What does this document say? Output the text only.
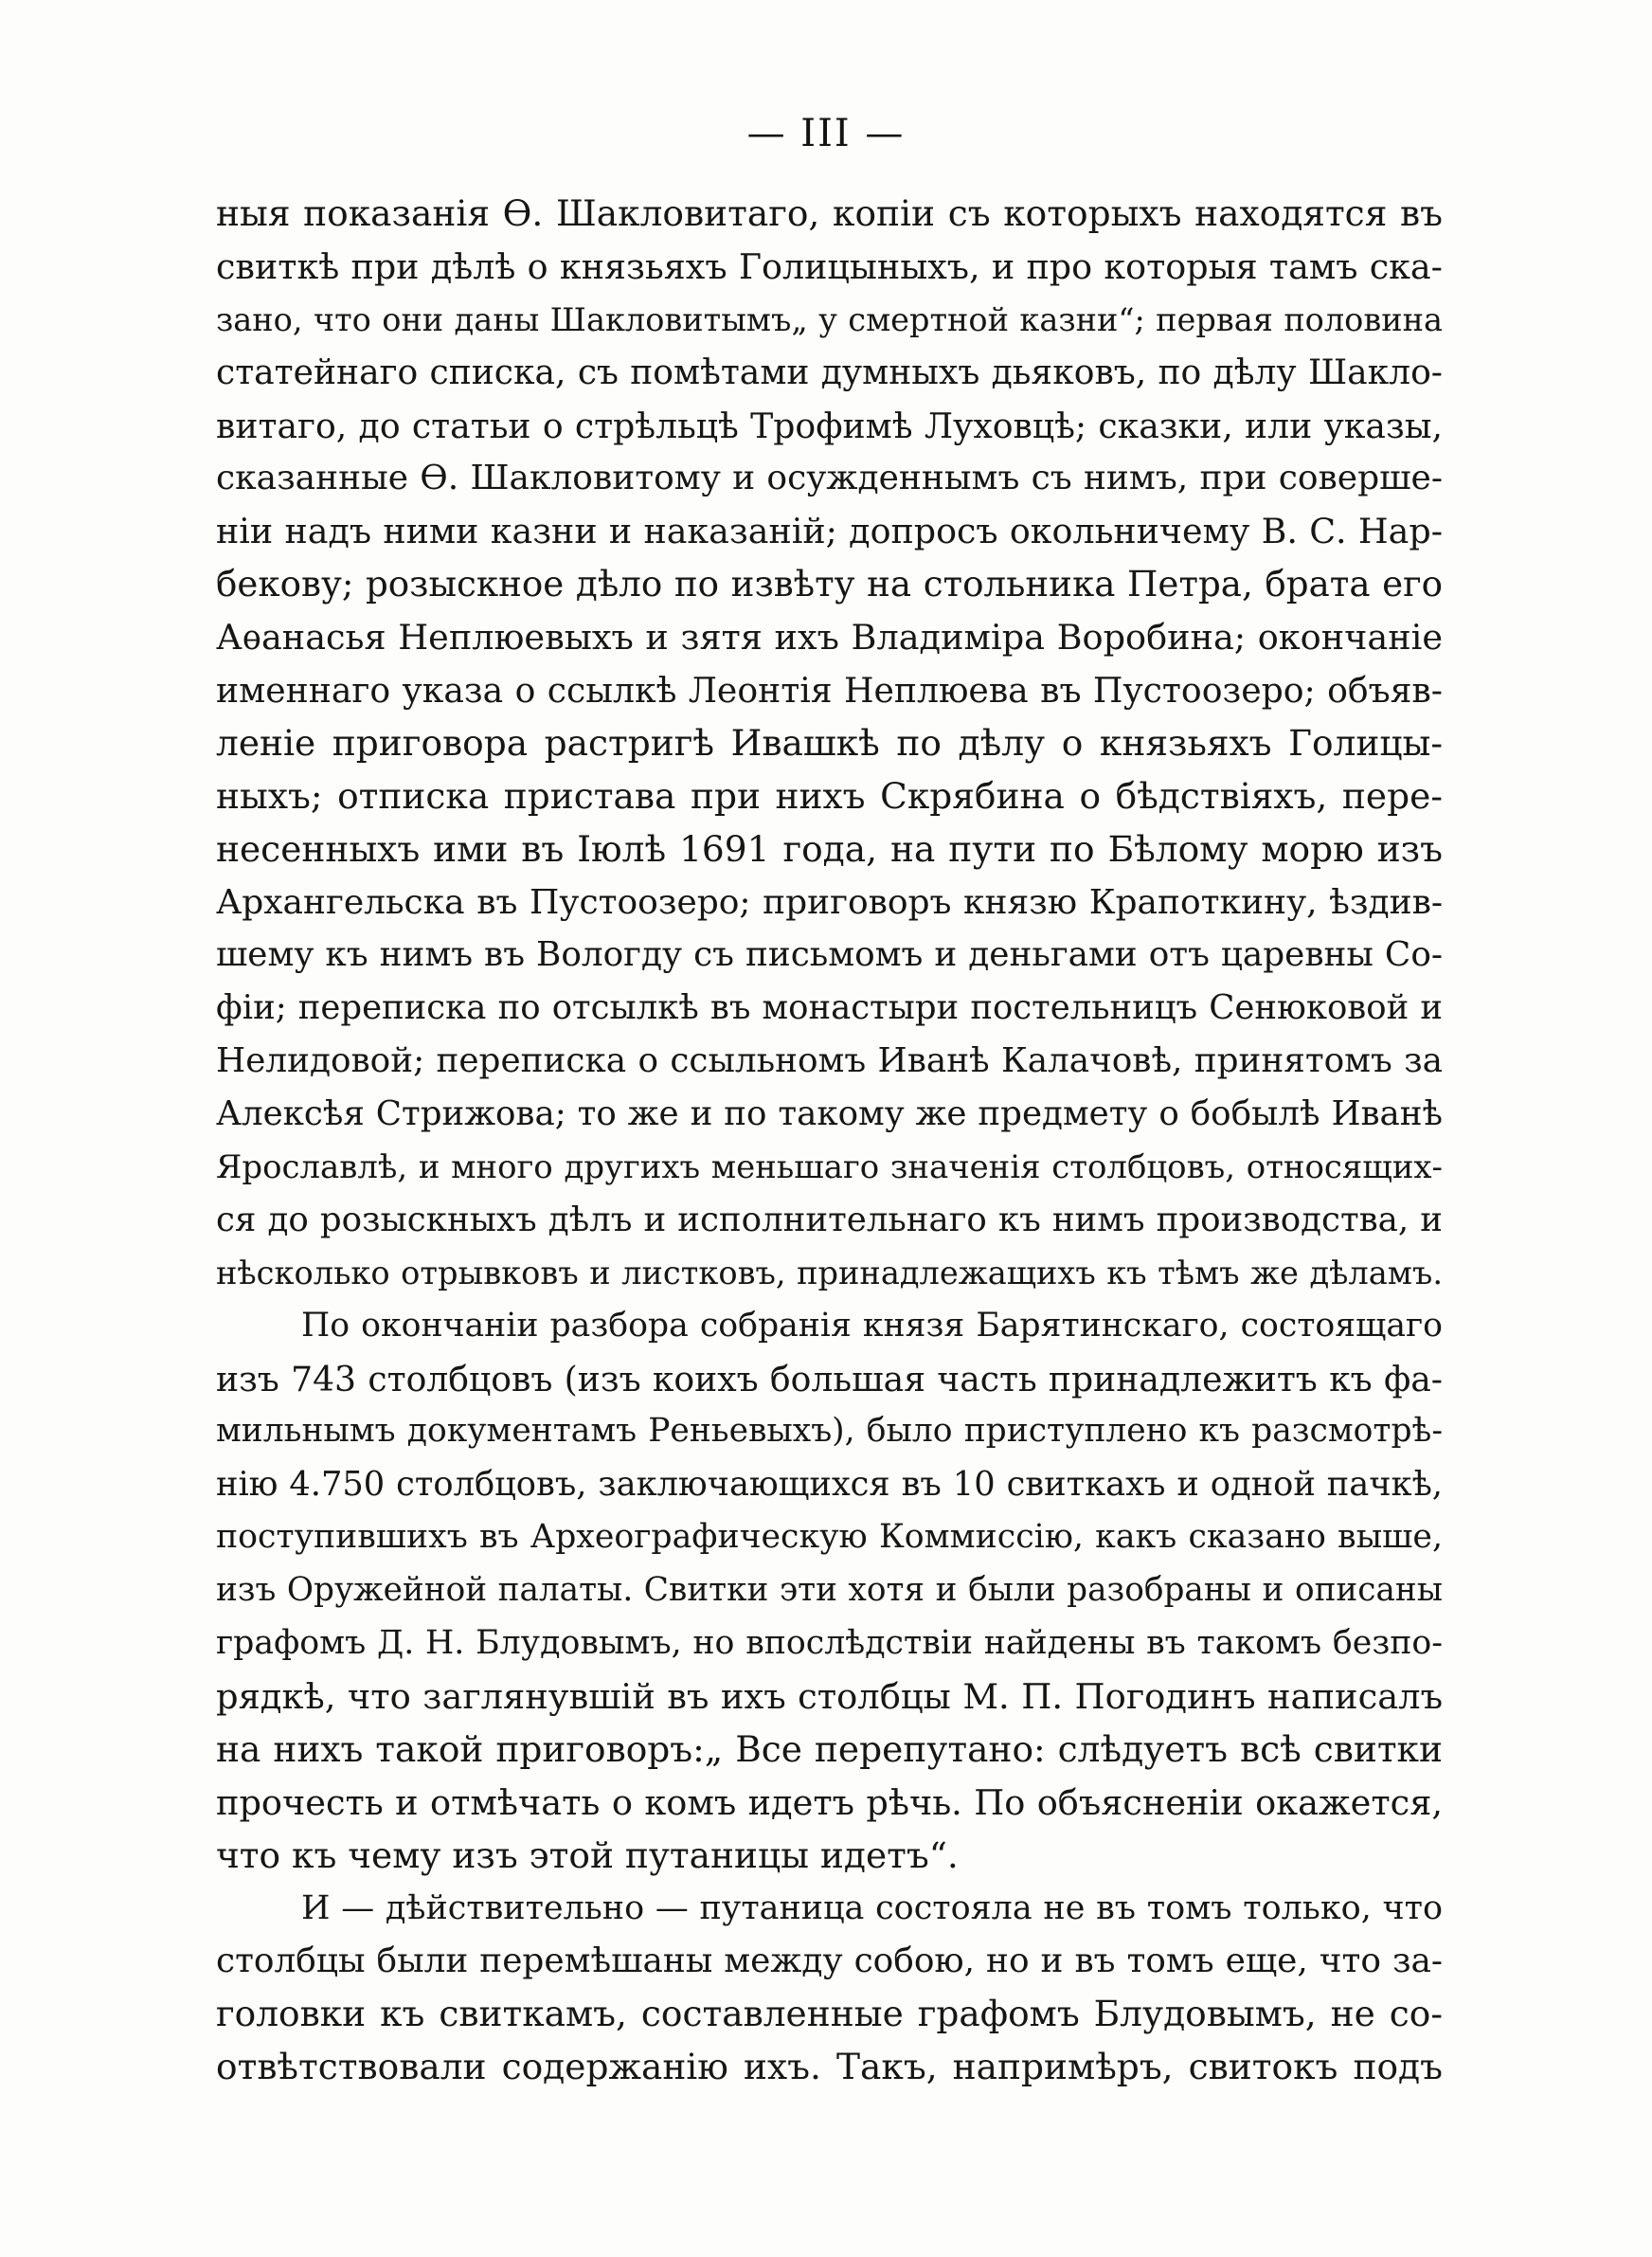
— III —
ныя показанія Ѳ. Шакловитаго, копіи съ которыхъ находятся въ
свиткѣ при дѣлѣ о князьяхъ Голицыныхъ, и про которыя тамъ ска-
зано, что они даны Шакловитымъ„ у смертной казни“; первая половина
статейнаго списка, съ помѣтами думныхъ дьяковъ, по дѣлу Шакло-
витаго, до статьи о стрѣльцѣ Трофимѣ Луховцѣ; сказки, или указы,
сказанные Ѳ. Шакловитому и осужденнымъ съ нимъ, при соверше-
ніи надъ ними казни и наказаній; допросъ окольничему В. С. Нар-
бекову; розыскное дѣло по извѣту на стольника Петра, брата его
Аѳанасья Неплюевыхъ и зятя ихъ Владиміра Воробина; окончаніе
именнаго указа о ссылкѣ Леонтія Неплюева въ Пустоозеро; объяв-
леніе приговора растригѣ Ивашкѣ по дѣлу о князьяхъ Голицы-
ныхъ; отписка пристава при нихъ Скрябина о бѣдствіяхъ, пере-
несенныхъ ими въ Іюлѣ 1691 года, на пути по Бѣлому морю изъ
Архангельска въ Пустоозеро; приговоръ князю Крапоткину, ѣздив-
шему къ нимъ въ Вологду съ письмомъ и деньгами отъ царевны Со-
фіи; переписка по отсылкѣ въ монастыри постельницъ Сенюковой и
Нелидовой; переписка о ссыльномъ Иванѣ Калачовѣ, принятомъ за
Алексѣя Стрижова; то же и по такому же предмету о бобылѣ Иванѣ
Ярославлѣ, и много другихъ меньшаго значенія столбцовъ, относящих-
ся до розыскныхъ дѣлъ и исполнительнаго къ нимъ производства, и
нѣсколько отрывковъ и листковъ, принадлежащихъ къ тѣмъ же дѣламъ.
По окончаніи разбора собранія князя Барятинскаго, состоящаго
изъ 743 столбцовъ (изъ коихъ большая часть принадлежитъ къ фа-
мильнымъ документамъ Реньевыхъ), было приступлено къ разсмотрѣ-
нію 4.750 столбцовъ, заключающихся въ 10 свиткахъ и одной пачкѣ,
поступившихъ въ Археографическую Коммиссію, какъ сказано выше,
изъ Оружейной палаты. Свитки эти хотя и были разобраны и описаны
графомъ Д. Н. Блудовымъ, но впослѣдствіи найдены въ такомъ безпо-
рядкѣ, что заглянувшій въ ихъ столбцы М. П. Погодинъ написалъ
на нихъ такой приговоръ:„ Все перепутано: слѣдуетъ всѣ свитки
прочесть и отмѣчать о комъ идетъ рѣчь. По объясненіи окажется,
что къ чему изъ этой путаницы идетъ“.
И — дѣйствительно — путаница состояла не въ томъ только, что
столбцы были перемѣшаны между собою, но и въ томъ еще, что за-
головки къ свиткамъ, составленные графомъ Блудовымъ, не со-
отвѣтствовали содержанію ихъ. Такъ, напримѣръ, свитокъ подъ
